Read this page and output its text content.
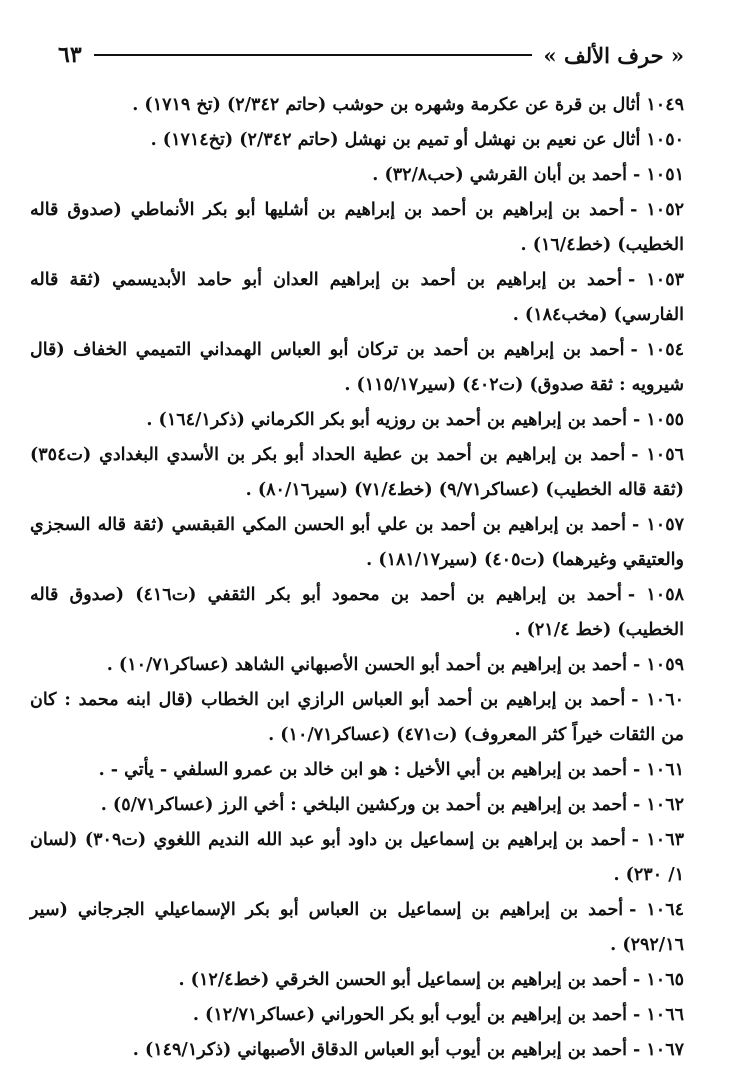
٦٣	« حرف الألف »

١٠٤٩أثال بن قرة عن عكرمة وشهره بن حوشب (حاتم ٢/٣٤٢) (تخ ١٧١٩) .

١٠٥٠أثال عن نعيم بن نهشل أو تميم بن نهشل (حاتم ٢/٣٤٢) (تخ١٧١٤) .

١٠٥١ -أحمد بن أبان القرشي (حب٣٢/٨) .

١٠٥٢ -أحمد بن إبراهيم بن أحمد بن إبراهيم بن أشليها أبو بكر الأنماطي (صدوق قاله الخطيب) (خط١٦/٤) .

١٠٥٣ -أحمد بن إبراهيم بن أحمد بن إبراهيم العدان أبو حامد الأبديسمي (ثقة قاله الفارسي) (مخب١٨٤) .

١٠٥٤ -أحمد بن إبراهيم بن أحمد بن تركان أبو العباس الهمداني التميمي الخفاف (قال شيرويه : ثقة صدوق) (ت٤٠٢) (سير١١٥/١٧) .

١٠٥٥ -أحمد بن إبراهيم بن أحمد بن روزيه أبو بكر الكرماني (ذكر١٦٤/١) .

١٠٥٦ -أحمد بن إبراهيم بن أحمد بن عطية الحداد أبو بكر بن الأسدي البغدادي (ت٣٥٤) (ثقة قاله الخطيب) (عساكر٩/٧١) (خط٧١/٤) (سير٨٠/١٦) .

١٠٥٧ -أحمد بن إبراهيم بن أحمد بن علي أبو الحسن المكي القبقسي (ثقة قاله السجزي والعتيقي وغيرهما) (ت٤٠٥) (سير١٨١/١٧) .

١٠٥٨ -أحمد بن إبراهيم بن أحمد بن محمود أبو بكر الثقفي (ت٤١٦) (صدوق قاله الخطيب) (خط ٢١/٤) .

١٠٥٩ -أحمد بن إبراهيم بن أحمد أبو الحسن الأصبهاني الشاهد (عساكر١٠/٧١) .

١٠٦٠ -أحمد بن إبراهيم بن أحمد أبو العباس الرازي ابن الخطاب (قال ابنه محمد : كان من الثقات خيراً كثر المعروف) (ت٤٧١) (عساكر١٠/٧١) .

١٠٦١ -أحمد بن إبراهيم بن أبي الأخيل : هو ابن خالد بن عمرو السلفي - يأتي - .

١٠٦٢ -أحمد بن إبراهيم بن أحمد بن وركشين البلخي : أخي الرز (عساكر٥/٧١) .

١٠٦٣ -أحمد بن إبراهيم بن إسماعيل بن داود أبو عبد الله النديم اللغوي (ت٣٠٩) (لسان ١/ ٢٣٠) .

١٠٦٤ -أحمد بن إبراهيم بن إسماعيل بن العباس أبو بكر الإسماعيلي الجرجاني (سير ٢٩٢/١٦) .

١٠٦٥ -أحمد بن إبراهيم بن إسماعيل أبو الحسن الخرقي (خط١٢/٤) .

١٠٦٦ -أحمد بن إبراهيم بن أيوب أبو بكر الحوراني (عساكر١٢/٧١) .

١٠٦٧ -أحمد بن إبراهيم بن أيوب أبو العباس الدقاق الأصبهاني (ذكر١٤٩/١) .
